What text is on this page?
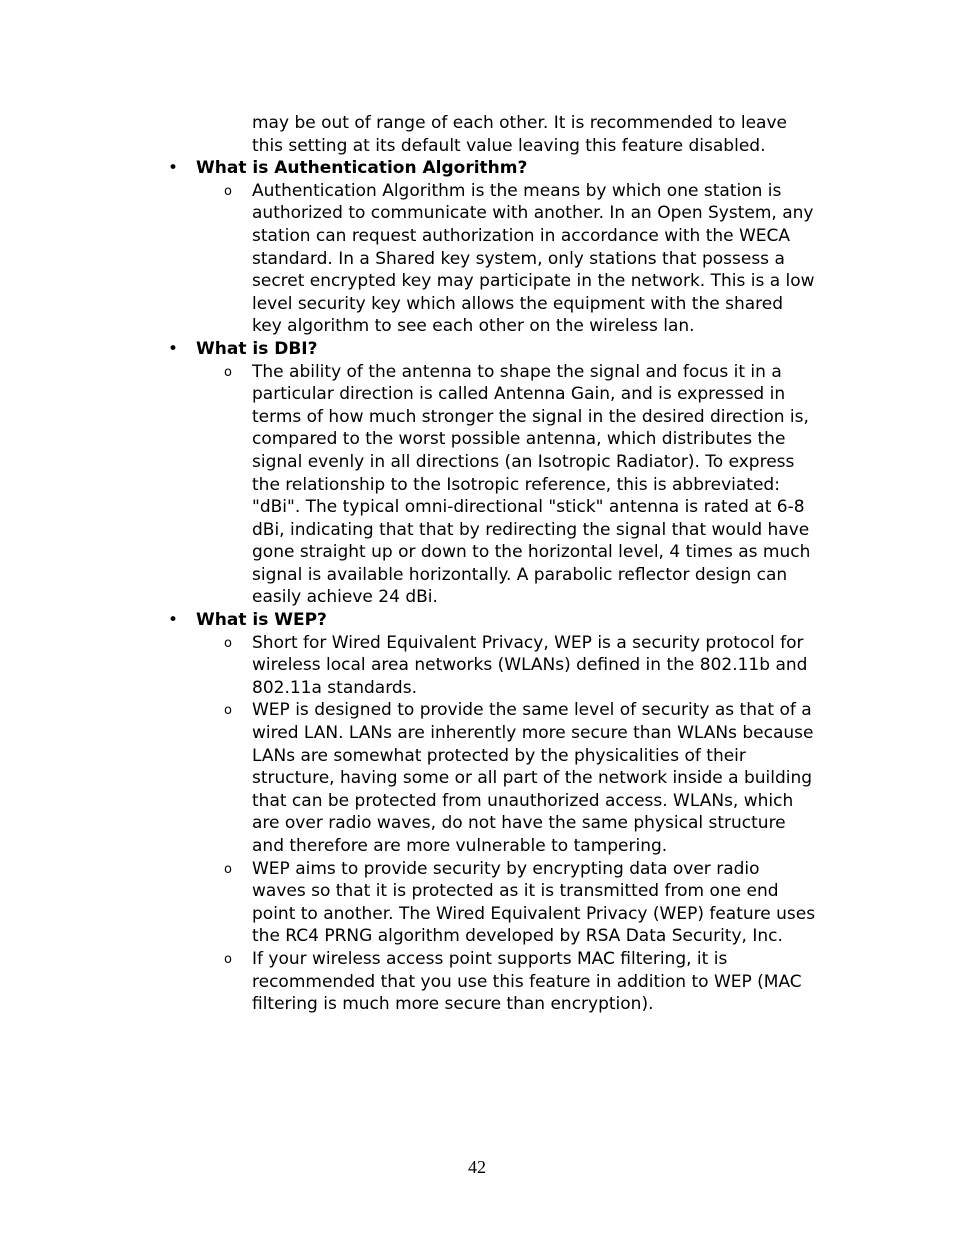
may be out of range of each other. It is recommended to leave this setting at its default value leaving this feature disabled.
• What is Authentication Algorithm?
o Authentication Algorithm is the means by which one station is authorized to communicate with another. In an Open System, any station can request authorization in accordance with the WECA standard. In a Shared key system, only stations that possess a secret encrypted key may participate in the network. This is a low level security key which allows the equipment with the shared key algorithm to see each other on the wireless lan.
• What is DBI?
o The ability of the antenna to shape the signal and focus it in a particular direction is called Antenna Gain, and is expressed in terms of how much stronger the signal in the desired direction is, compared to the worst possible antenna, which distributes the signal evenly in all directions (an Isotropic Radiator). To express the relationship to the Isotropic reference, this is abbreviated: "dBi". The typical omni-directional "stick" antenna is rated at 6-8 dBi, indicating that that by redirecting the signal that would have gone straight up or down to the horizontal level, 4 times as much signal is available horizontally. A parabolic reflector design can easily achieve 24 dBi.
• What is WEP?
o Short for Wired Equivalent Privacy, WEP is a security protocol for wireless local area networks (WLANs) defined in the 802.11b and 802.11a standards.
o WEP is designed to provide the same level of security as that of a wired LAN. LANs are inherently more secure than WLANs because LANs are somewhat protected by the physicalities of their structure, having some or all part of the network inside a building that can be protected from unauthorized access. WLANs, which are over radio waves, do not have the same physical structure and therefore are more vulnerable to tampering.
o WEP aims to provide security by encrypting data over radio waves so that it is protected as it is transmitted from one end point to another. The Wired Equivalent Privacy (WEP) feature uses the RC4 PRNG algorithm developed by RSA Data Security, Inc.
o If your wireless access point supports MAC filtering, it is recommended that you use this feature in addition to WEP (MAC filtering is much more secure than encryption).
42
